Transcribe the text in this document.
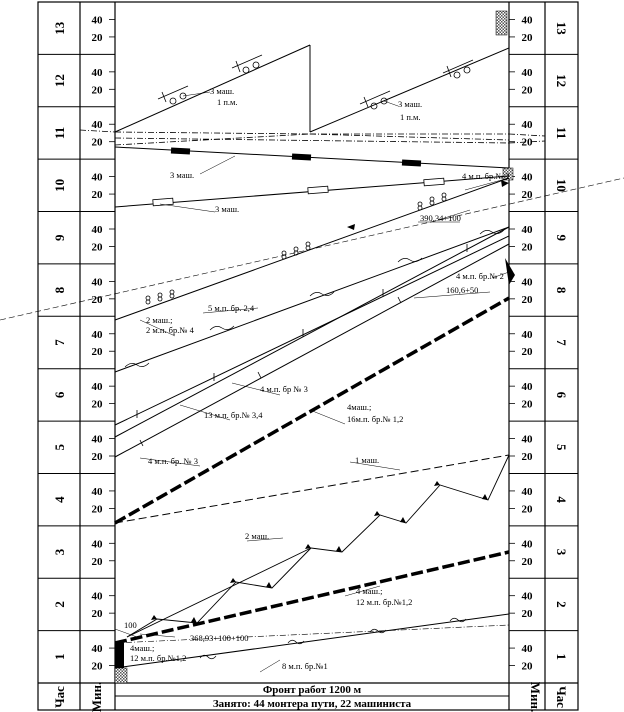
1	1
20	20
40	40
2	2
20	20
40	40
3	3
20	20
40	40
4	4
20	20
40	40
5	5
20	20
40	40
6	6
20	20
40	40
7	7
20	20
40	40
8	8
20	20
40	40
9	9
20	20
40	40
10	10
20	20
40	40
11	11
20	20
40	40
12	12
20	20
40	40
13	13
20	20
40	40
Час Мин.	Мин. Час
Фронт работ 1200 м
Занято: 44 монтера пути, 22 машиниста
3 маш.
1 п.м.	3 маш.
1 п.м.
3 маш.
3 маш.
4 м.п. бр.№ 2
390,34+100
4 м.п. бр.№ 2
160,6+50
5 м.п. бр. 2,4
2 маш.;
2 м.п. бр.№ 4
4 м.п. бр № 3
13 м.п. бр.№ 3,4
4маш.;
16м.п. бр.№ 1,2
4 м.п. бр. № 3	1 маш.
2 маш.
4 маш.;
12 м.п. бр.№1,2
100
368,93+100+100
4маш.;
12 м.п. бр.№1,2
8 м.п. бр.№1
